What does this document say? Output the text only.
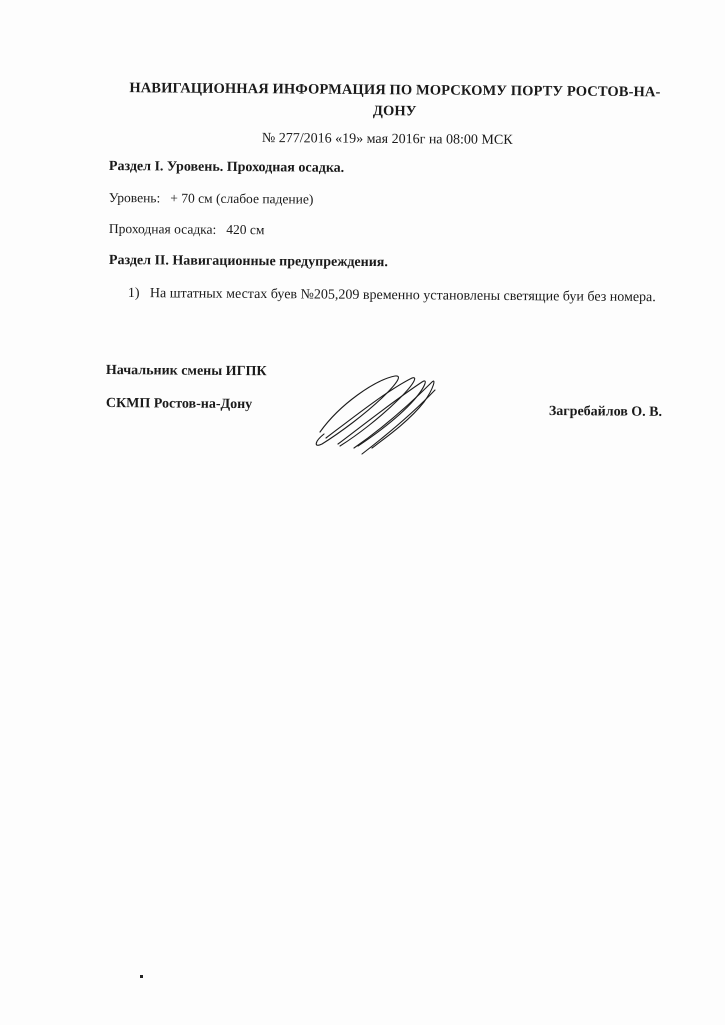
НАВИГАЦИОННАЯ ИНФОРМАЦИЯ ПО МОРСКОМУ ПОРТУ РОСТОВ-НА-ДОНУ
№ 277/2016 «19» мая 2016г на 08:00 МСК
Раздел I. Уровень. Проходная осадка.
Уровень: + 70 см (слабое падение)
Проходная осадка: 420 см
Раздел II. Навигационные предупреждения.
1) На штатных местах буев №205,209 временно установлены светящие буи без номера.
Начальник смены ИГПК
СКМП Ростов-на-Дону	Загребайлов О. В.
